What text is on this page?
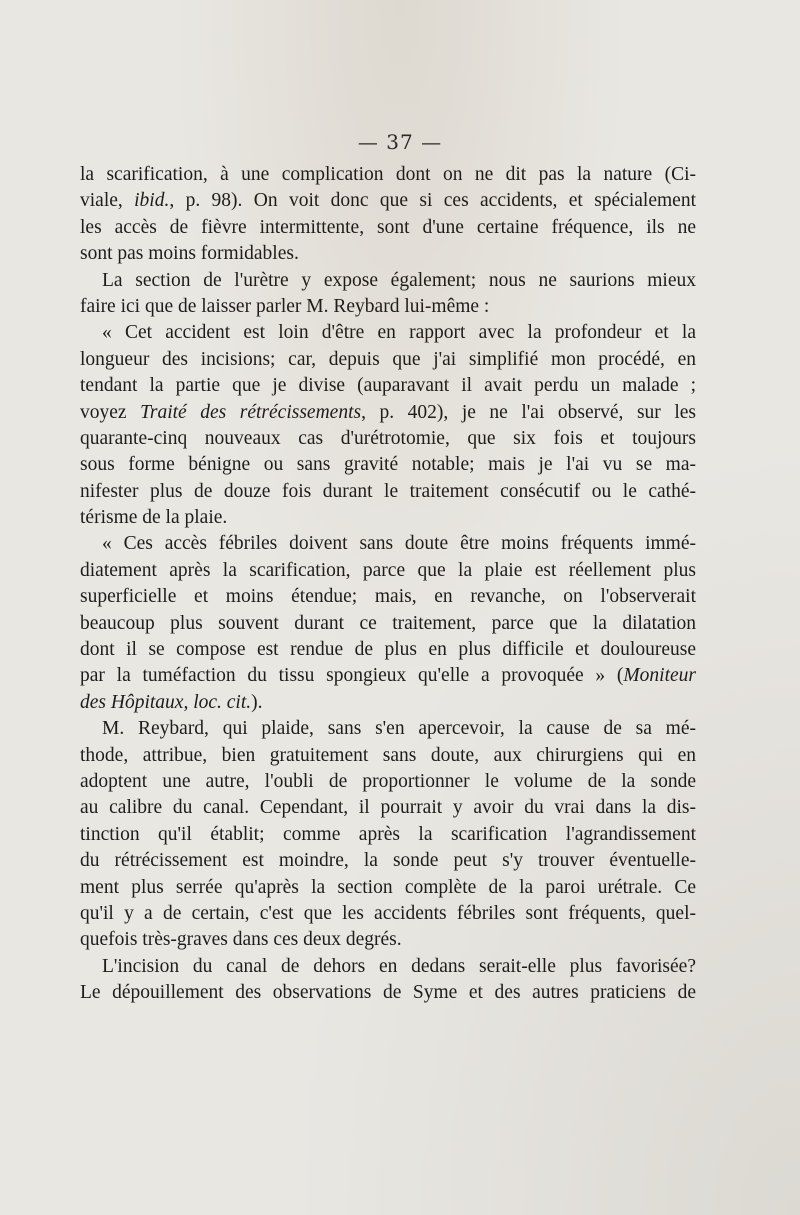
— 37 —
la scarification, à une complication dont on ne dit pas la nature (Ci-
viale, ibid., p. 98). On voit donc que si ces accidents, et spécialement
les accès de fièvre intermittente, sont d'une certaine fréquence, ils ne
sont pas moins formidables.
La section de l'urètre y expose également; nous ne saurions mieux
faire ici que de laisser parler M. Reybard lui-même :
« Cet accident est loin d'être en rapport avec la profondeur et la
longueur des incisions; car, depuis que j'ai simplifié mon procédé, en
tendant la partie que je divise (auparavant il avait perdu un malade ;
voyez Traité des rétrécissements, p. 402), je ne l'ai observé, sur les
quarante-cinq nouveaux cas d'urétrotomie, que six fois et toujours
sous forme bénigne ou sans gravité notable; mais je l'ai vu se ma-
nifester plus de douze fois durant le traitement consécutif ou le cathé-
térisme de la plaie.
« Ces accès fébriles doivent sans doute être moins fréquents immé-
diatement après la scarification, parce que la plaie est réellement plus
superficielle et moins étendue; mais, en revanche, on l'observerait
beaucoup plus souvent durant ce traitement, parce que la dilatation
dont il se compose est rendue de plus en plus difficile et douloureuse
par la tuméfaction du tissu spongieux qu'elle a provoquée » (Moniteur
des Hôpitaux, loc. cit.).
M. Reybard, qui plaide, sans s'en apercevoir, la cause de sa mé-
thode, attribue, bien gratuitement sans doute, aux chirurgiens qui en
adoptent une autre, l'oubli de proportionner le volume de la sonde
au calibre du canal. Cependant, il pourrait y avoir du vrai dans la dis-
tinction qu'il établit; comme après la scarification l'agrandissement
du rétrécissement est moindre, la sonde peut s'y trouver éventuelle-
ment plus serrée qu'après la section complète de la paroi urétrale. Ce
qu'il y a de certain, c'est que les accidents fébriles sont fréquents, quel-
quefois très-graves dans ces deux degrés.
L'incision du canal de dehors en dedans serait-elle plus favorisée?
Le dépouillement des observations de Syme et des autres praticiens de
